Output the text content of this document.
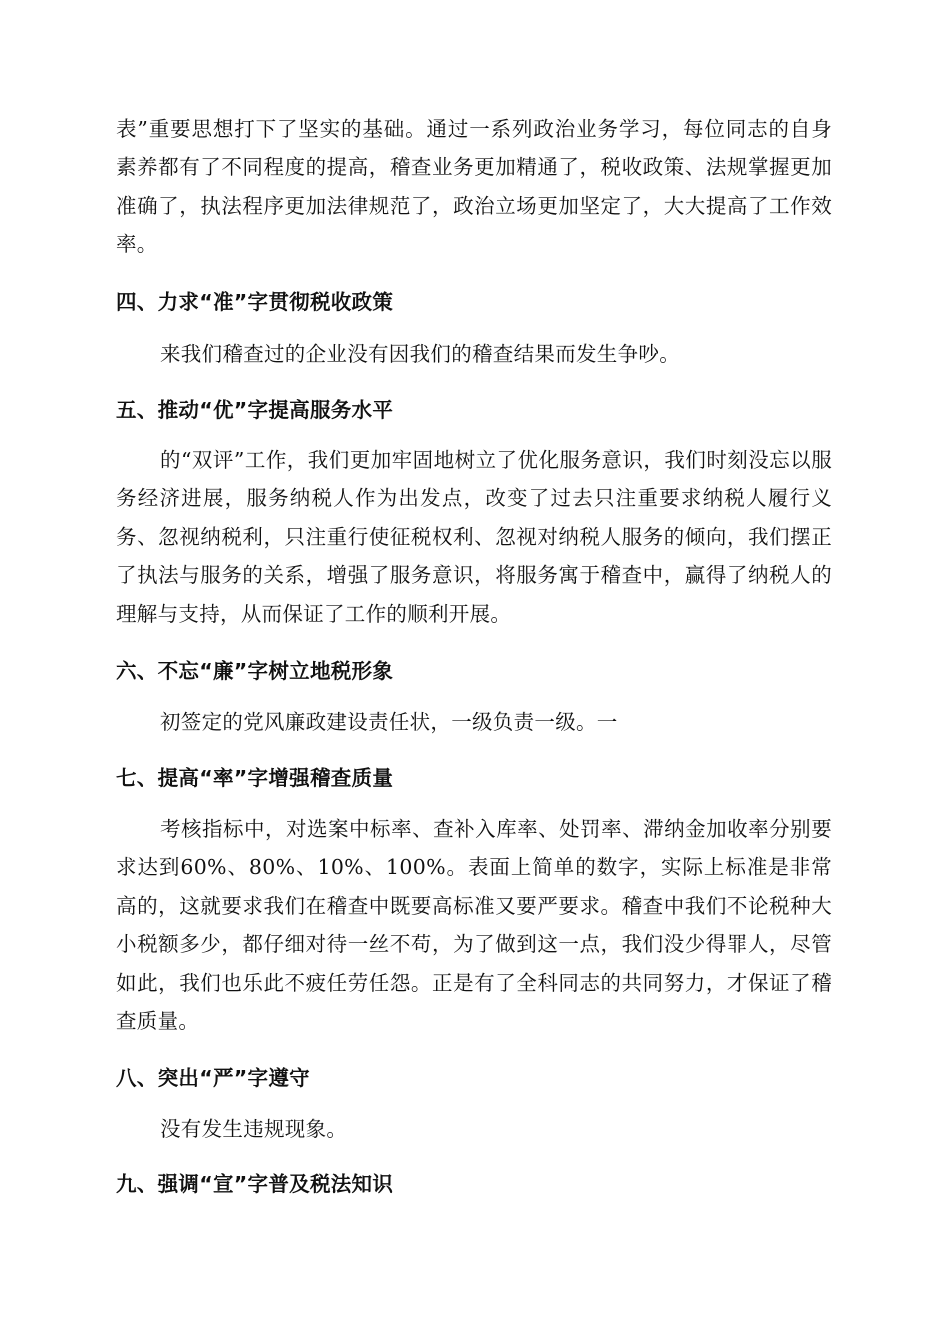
表”重要思想打下了坚实的基础。通过一系列政治业务学习，每位同志的自身素养都有了不同程度的提高，稽查业务更加精通了，税收政策、法规掌握更加准确了，执法程序更加法律规范了，政治立场更加坚定了，大大提高了工作效率。
四、力求“准”字贯彻税收政策
来我们稽查过的企业没有因我们的稽查结果而发生争吵。
五、推动“优”字提高服务水平
的“双评”工作，我们更加牢固地树立了优化服务意识，我们时刻没忘以服务经济进展，服务纳税人作为出发点，改变了过去只注重要求纳税人履行义务、忽视纳税利，只注重行使征税权利、忽视对纳税人服务的倾向，我们摆正了执法与服务的关系，增强了服务意识，将服务寓于稽查中，赢得了纳税人的理解与支持，从而保证了工作的顺利开展。
六、不忘“廉”字树立地税形象
初签定的党风廉政建设责任状，一级负责一级。一
七、提高“率”字增强稽查质量
考核指标中，对选案中标率、查补入库率、处罚率、滞纳金加收率分别要求达到60%、80%、10%、100%。表面上简单的数字，实际上标准是非常高的，这就要求我们在稽查中既要高标准又要严要求。稽查中我们不论税种大小税额多少，都仔细对待一丝不苟，为了做到这一点，我们没少得罪人，尽管如此，我们也乐此不疲任劳任怨。正是有了全科同志的共同努力，才保证了稽查质量。
八、突出“严”字遵守
没有发生违规现象。
九、强调“宣”字普及税法知识
